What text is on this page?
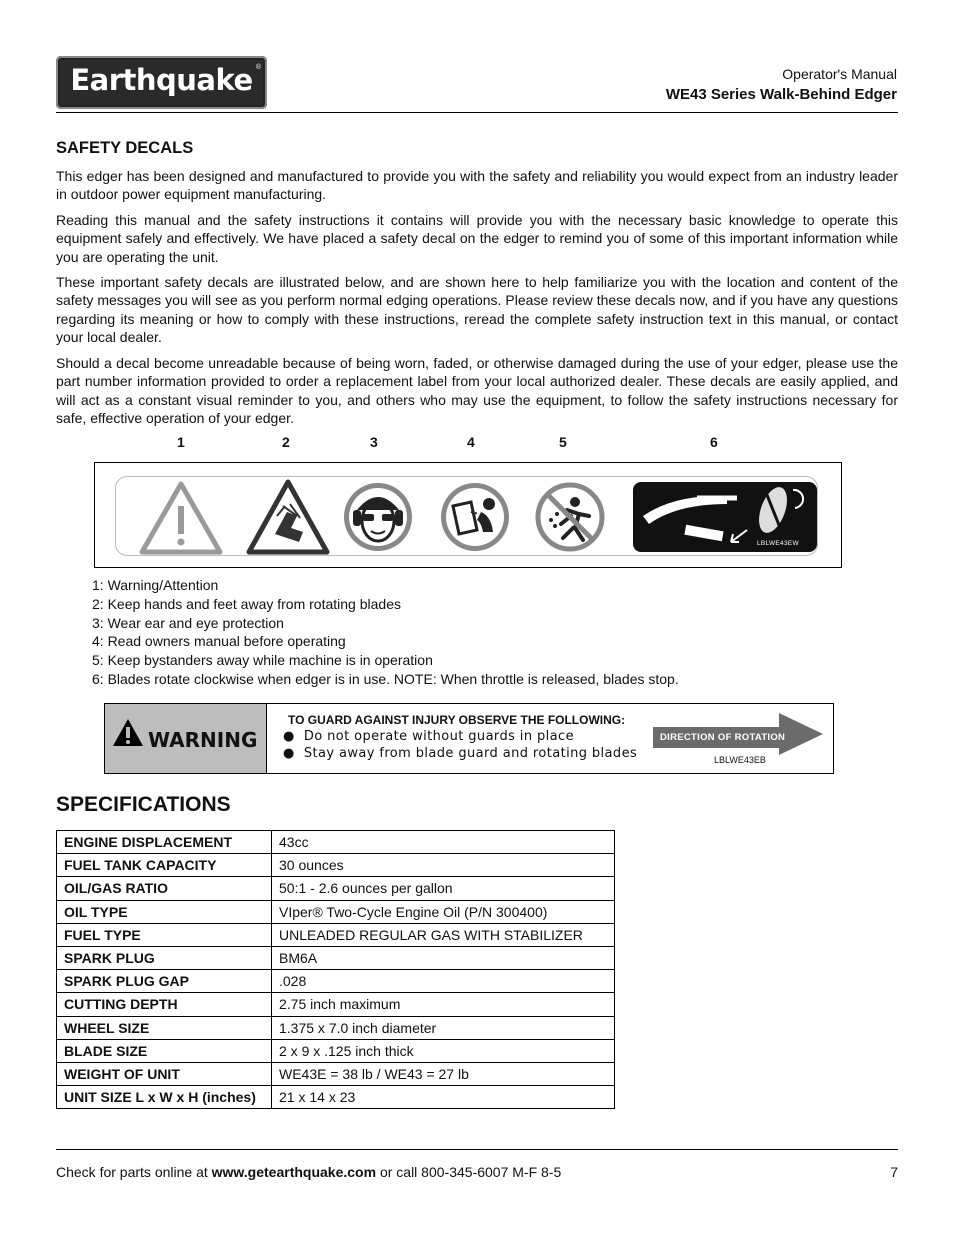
Earthquake ®	Operator's Manual
WE43 Series Walk-Behind Edger
SAFETY DECALS
This edger has been designed and manufactured to provide you with the safety and reliability you would expect from an industry leader in outdoor power equipment manufacturing.
Reading this manual and the safety instructions it contains will provide you with the necessary basic knowledge to operate this equipment safely and effectively. We have placed a safety decal on the edger to remind you of some of this important information while you are operating the unit.
These important safety decals are illustrated below, and are shown here to help familiarize you with the location and content of the safety messages you will see as you perform normal edging operations. Please review these decals now, and if you have any questions regarding its meaning or how to comply with these instructions, reread the complete safety instruction text in this manual, or contact your local dealer.
Should a decal become unreadable because of being worn, faded, or otherwise damaged during the use of your edger, please use the part number information provided to order a replacement label from your local authorized dealer. These decals are easily applied, and will act as a constant visual reminder to you, and others who may use the equipment, to follow the safety instructions necessary for safe, effective operation of your edger.
1	2	3	4	5	6
LBLWE43EW
1: Warning/Attention
2: Keep hands and feet away from rotating blades
3: Wear ear and eye protection
4: Read owners manual before operating
5: Keep bystanders away while machine is in operation
6: Blades rotate clockwise when edger is in use. NOTE: When throttle is released, blades stop.
WARNING
TO GUARD AGAINST INJURY OBSERVE THE FOLLOWING:
●  Do not operate without guards in place
●  Stay away from blade guard and rotating blades
DIRECTION OF ROTATION
LBLWE43EB
SPECIFICATIONS
ENGINE DISPLACEMENT	43cc
FUEL TANK CAPACITY	30 ounces
OIL/GAS RATIO	50:1 - 2.6 ounces per gallon
OIL TYPE	VIper® Two-Cycle Engine Oil (P/N 300400)
FUEL TYPE	UNLEADED REGULAR GAS WITH STABILIZER
SPARK PLUG	BM6A
SPARK PLUG GAP	.028
CUTTING DEPTH	2.75 inch maximum
WHEEL SIZE	1.375 x 7.0 inch diameter
BLADE SIZE	2 x 9 x .125 inch thick
WEIGHT OF UNIT	WE43E = 38 lb / WE43 = 27 lb
UNIT SIZE L x W x H (inches)	21 x 14 x 23
Check for parts online at www.getearthquake.com or call 800-345-6007 M-F 8-5	7
